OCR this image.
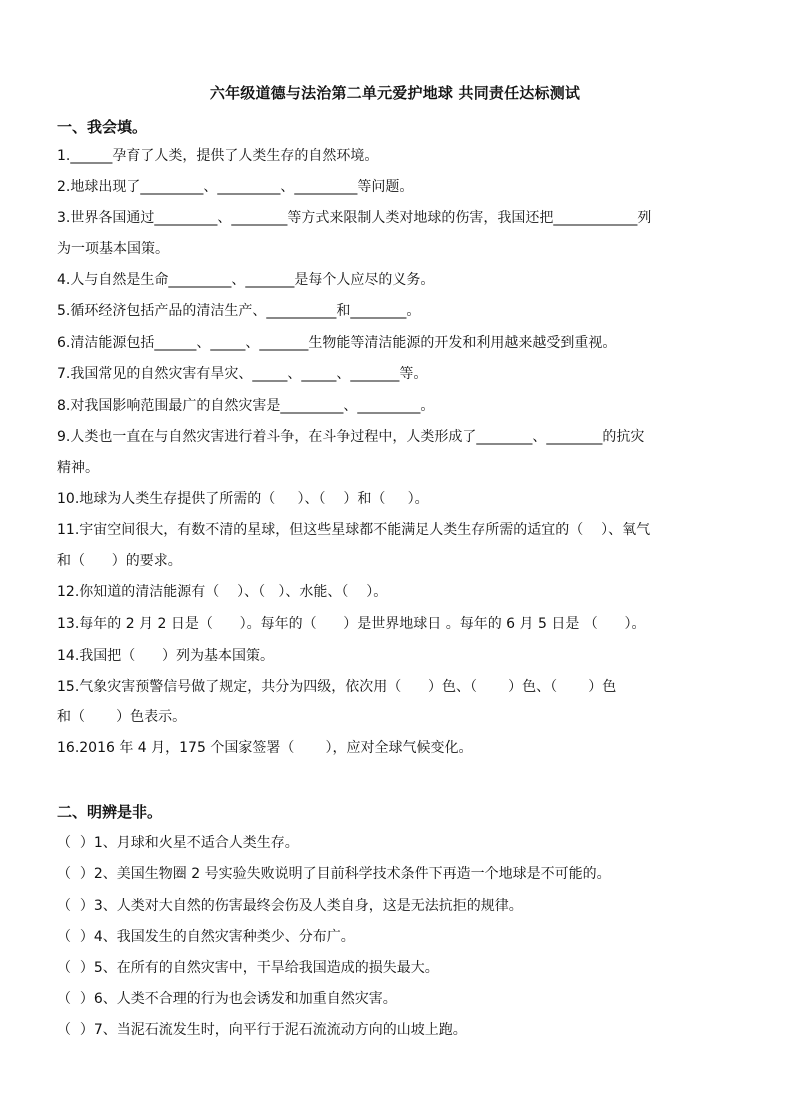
六年级道德与法治第二单元爱护地球 共同责任达标测试
一、我会填。
1.______孕育了人类，提供了人类生存的自然环境。
2.地球出现了_________、_________、_________等问题。
3.世界各国通过_________、________等方式来限制人类对地球的伤害，我国还把____________列
为一项基本国策。
4.人与自然是生命_________、_______是每个人应尽的义务。
5.循环经济包括产品的清洁生产、__________和________。
6.清洁能源包括______、_____、_______生物能等清洁能源的开发和利用越来越受到重视。
7.我国常见的自然灾害有旱灾、_____、_____、_______等。
8.对我国影响范围最广的自然灾害是_________、_________。
9.人类也一直在与自然灾害进行着斗争，在斗争过程中，人类形成了________、________的抗灾
精神。
10.地球为人类生存提供了所需的（     ）、（    ）和（     ）。
11.宇宙空间很大，有数不清的星球，但这些星球都不能满足人类生存所需的适宜的（    ）、氧气
和（      ）的要求。
12.你知道的清洁能源有（    ）、（   ）、水能、（    ）。
13.每年的 2 月 2 日是（      ）。每年的（      ）是世界地球日 。每年的 6 月 5 日是 （      ）。
14.我国把（      ）列为基本国策。
15.气象灾害预警信号做了规定，共分为四级，依次用（      ）色、（       ）色、（       ）色
和（       ）色表示。
16.2016 年 4 月，175 个国家签署（       ），应对全球气候变化。
二、明辨是非。
（  ）1、月球和火星不适合人类生存。
（  ）2、美国生物圈 2 号实验失败说明了目前科学技术条件下再造一个地球是不可能的。
（  ）3、人类对大自然的伤害最终会伤及人类自身，这是无法抗拒的规律。
（  ）4、我国发生的自然灾害种类少、分布广。
（  ）5、在所有的自然灾害中，干旱给我国造成的损失最大。
（  ）6、人类不合理的行为也会诱发和加重自然灾害。
（  ）7、当泥石流发生时，向平行于泥石流流动方向的山坡上跑。
